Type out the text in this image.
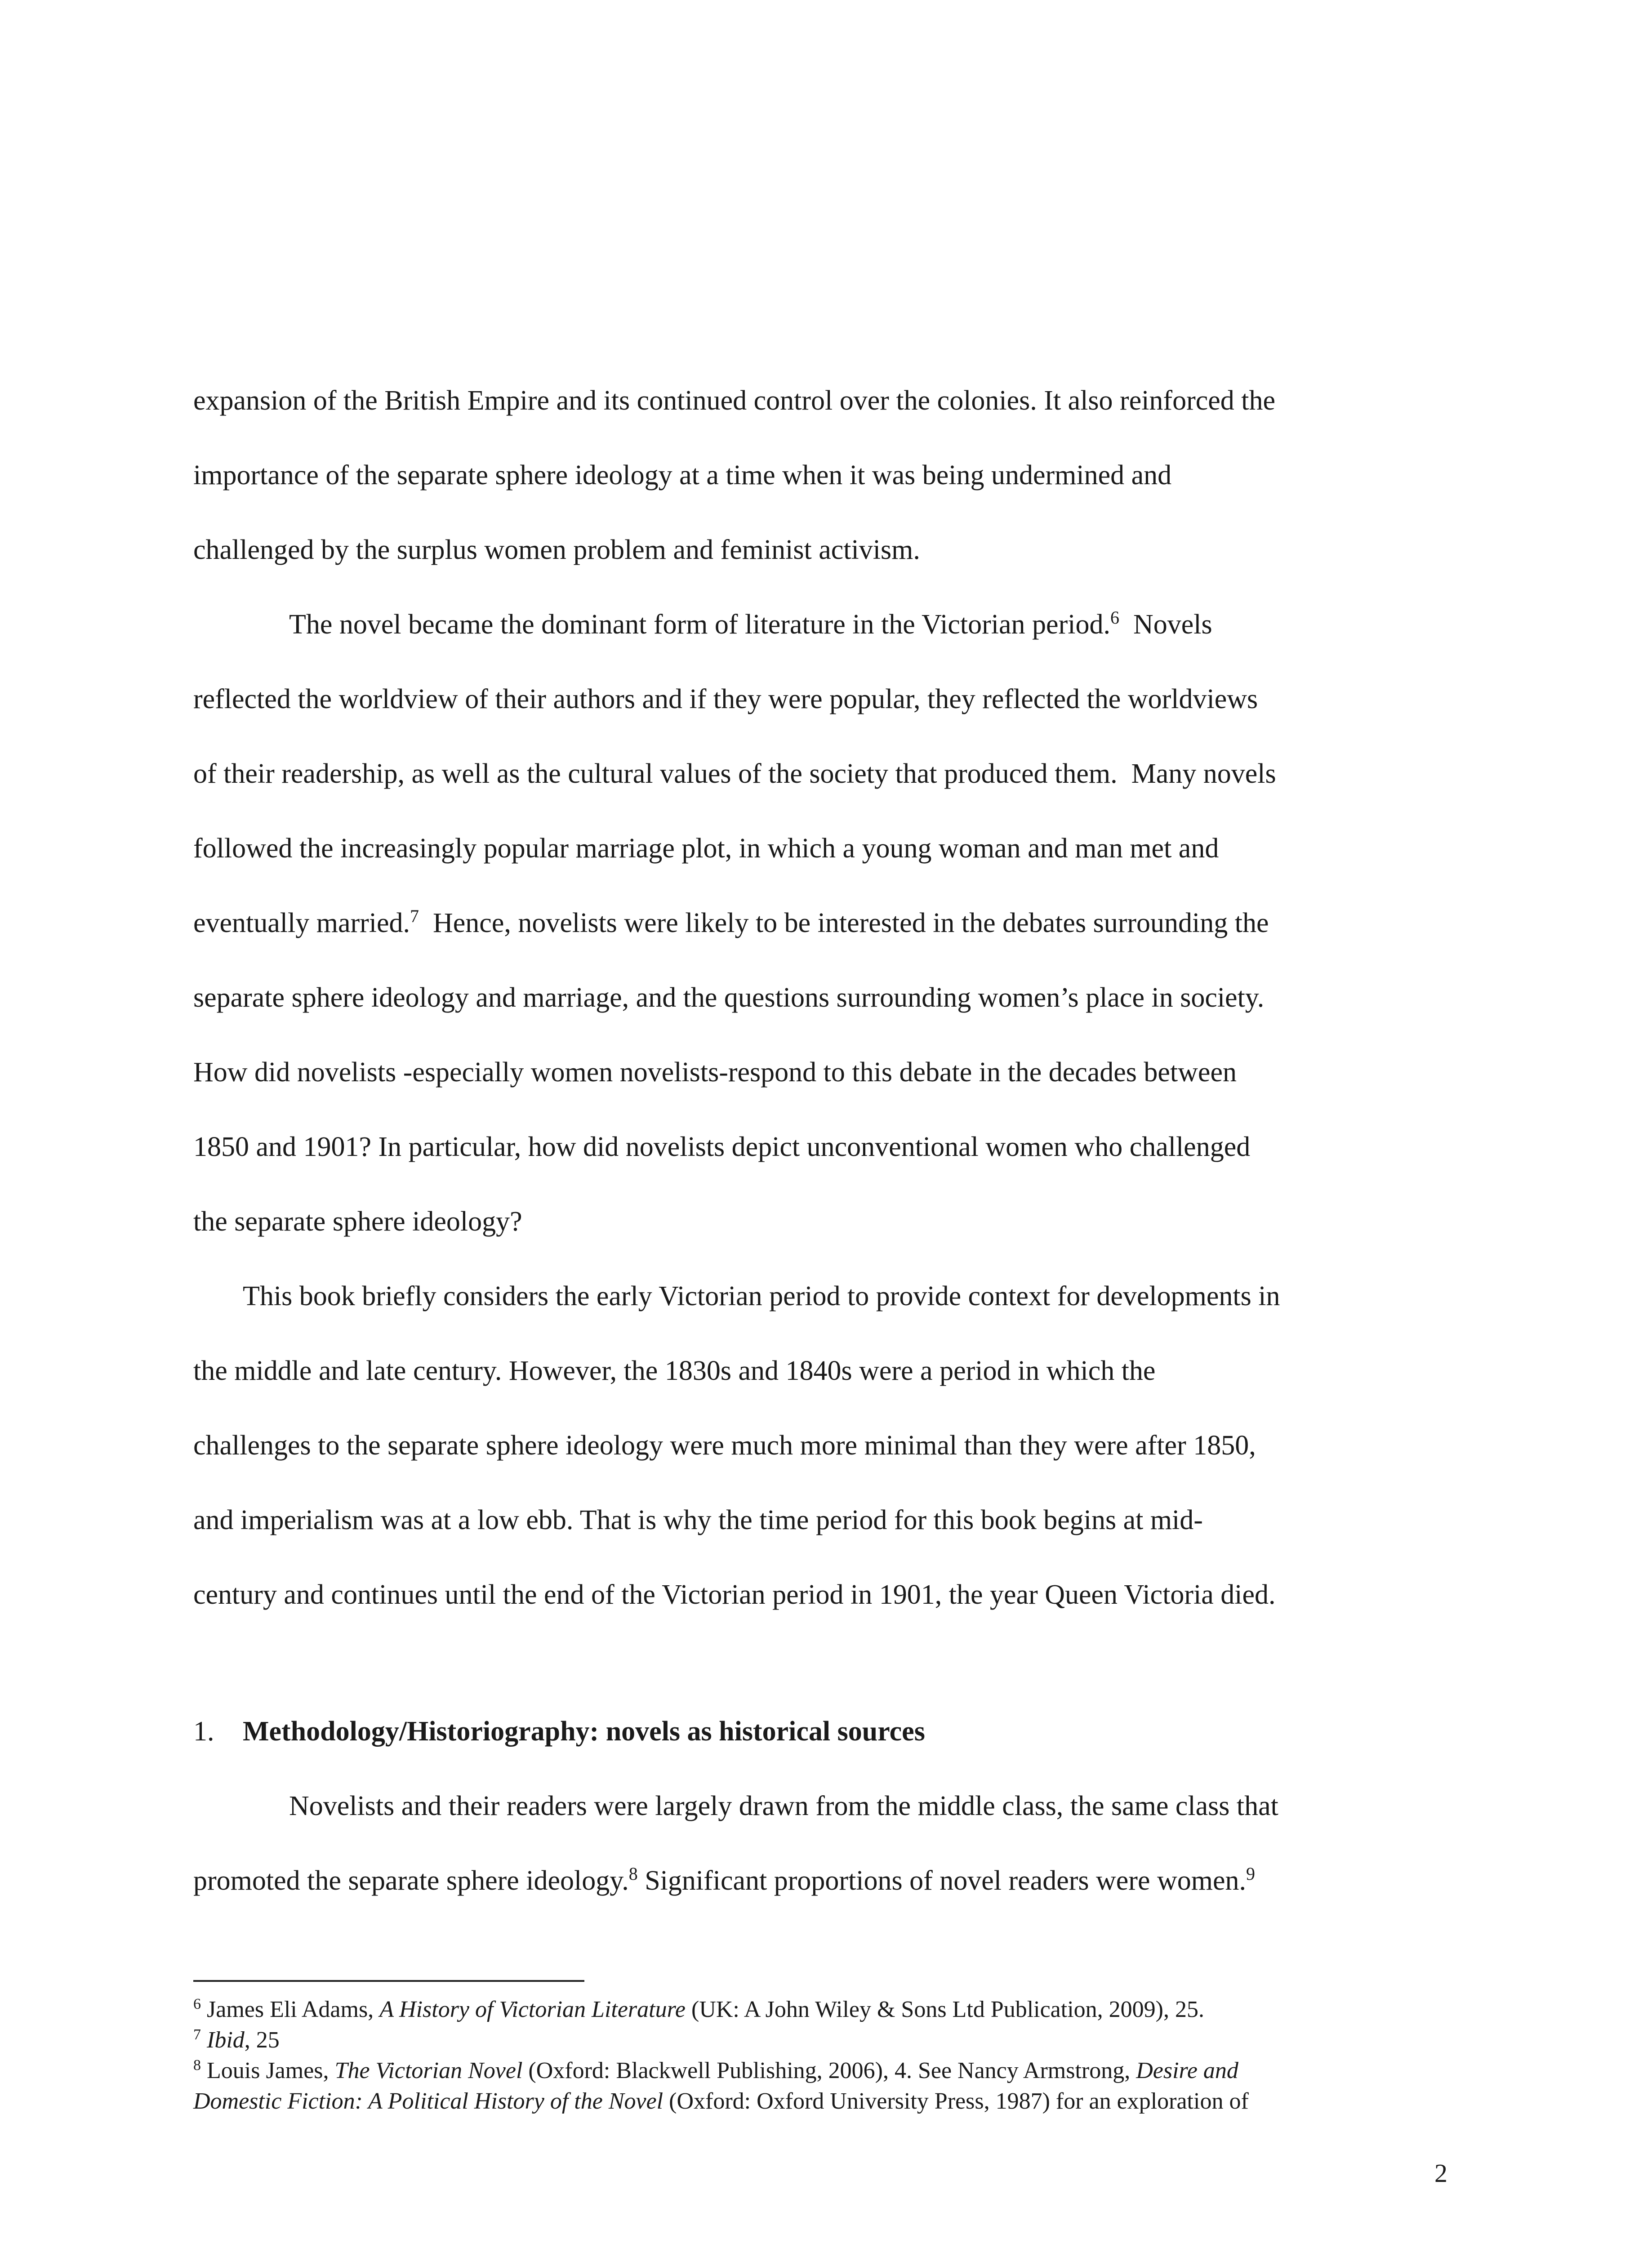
expansion of the British Empire and its continued control over the colonies. It also reinforced the
importance of the separate sphere ideology at a time when it was being undermined and
challenged by the surplus women problem and feminist activism.
The novel became the dominant form of literature in the Victorian period.$^6$  Novels
reflected the worldview of their authors and if they were popular, they reflected the worldviews
of their readership, as well as the cultural values of the society that produced them.  Many novels
followed the increasingly popular marriage plot, in which a young woman and man met and
eventually married.$^7$  Hence, novelists were likely to be interested in the debates surrounding the
separate sphere ideology and marriage, and the questions surrounding women’s place in society.
How did novelists -especially women novelists-respond to this debate in the decades between
1850 and 1901? In particular, how did novelists depict unconventional women who challenged
the separate sphere ideology?
This book briefly considers the early Victorian period to provide context for developments in
the middle and late century. However, the 1830s and 1840s were a period in which the
challenges to the separate sphere ideology were much more minimal than they were after 1850,
and imperialism was at a low ebb. That is why the time period for this book begins at mid-
century and continues until the end of the Victorian period in 1901, the year Queen Victoria died.
1. Methodology/Historiography: novels as historical sources
Novelists and their readers were largely drawn from the middle class, the same class that
promoted the separate sphere ideology.$^8$ Significant proportions of novel readers were women.$^9$
$^6$ James Eli Adams, A History of Victorian Literature (UK: A John Wiley & Sons Ltd Publication, 2009), 25.
$^7$ Ibid, 25
$^8$ Louis James, The Victorian Novel (Oxford: Blackwell Publishing, 2006), 4. See Nancy Armstrong, Desire and
Domestic Fiction: A Political History of the Novel (Oxford: Oxford University Press, 1987) for an exploration of
2
